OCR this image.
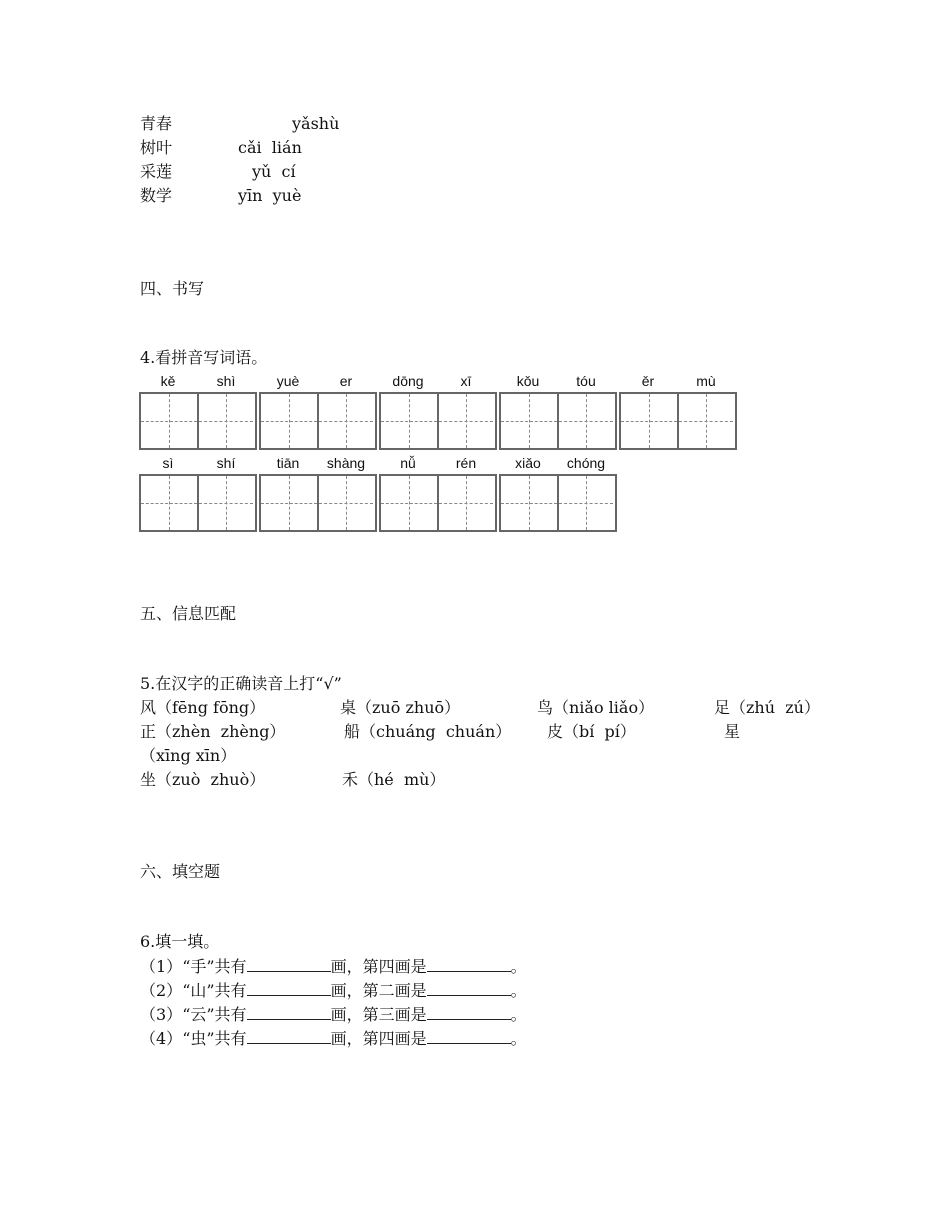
青春	yǎshù
树叶	cǎi  lián
采莲	yǔ  cí
数学	yīn  yuè
四、书写
4.看拼音写词语。
kě	shì	yuè	er	dōng	xī	kǒu	tóu	ěr	mù
sì	shí	tiān	shàng	nǚ	rén	xiǎo	chóng
五、信息匹配
5.在汉字的正确读音上打“√”
风（fēng fōng）	桌（zuō zhuō）	鸟（niǎo liǎo）	足（zhú  zú）
正（zhèn  zhèng）	船（chuáng  chuán） 皮（bí  pí）	星
（xīng xīn）
坐（zuò  zhuò）	禾（hé  mù）
六、填空题
6.填一填。
（1）“手”共有	画，第四画是	。
（2）“山”共有	画，第二画是	。
（3）“云”共有	画，第三画是	。
（4）“虫”共有	画，第四画是	。
